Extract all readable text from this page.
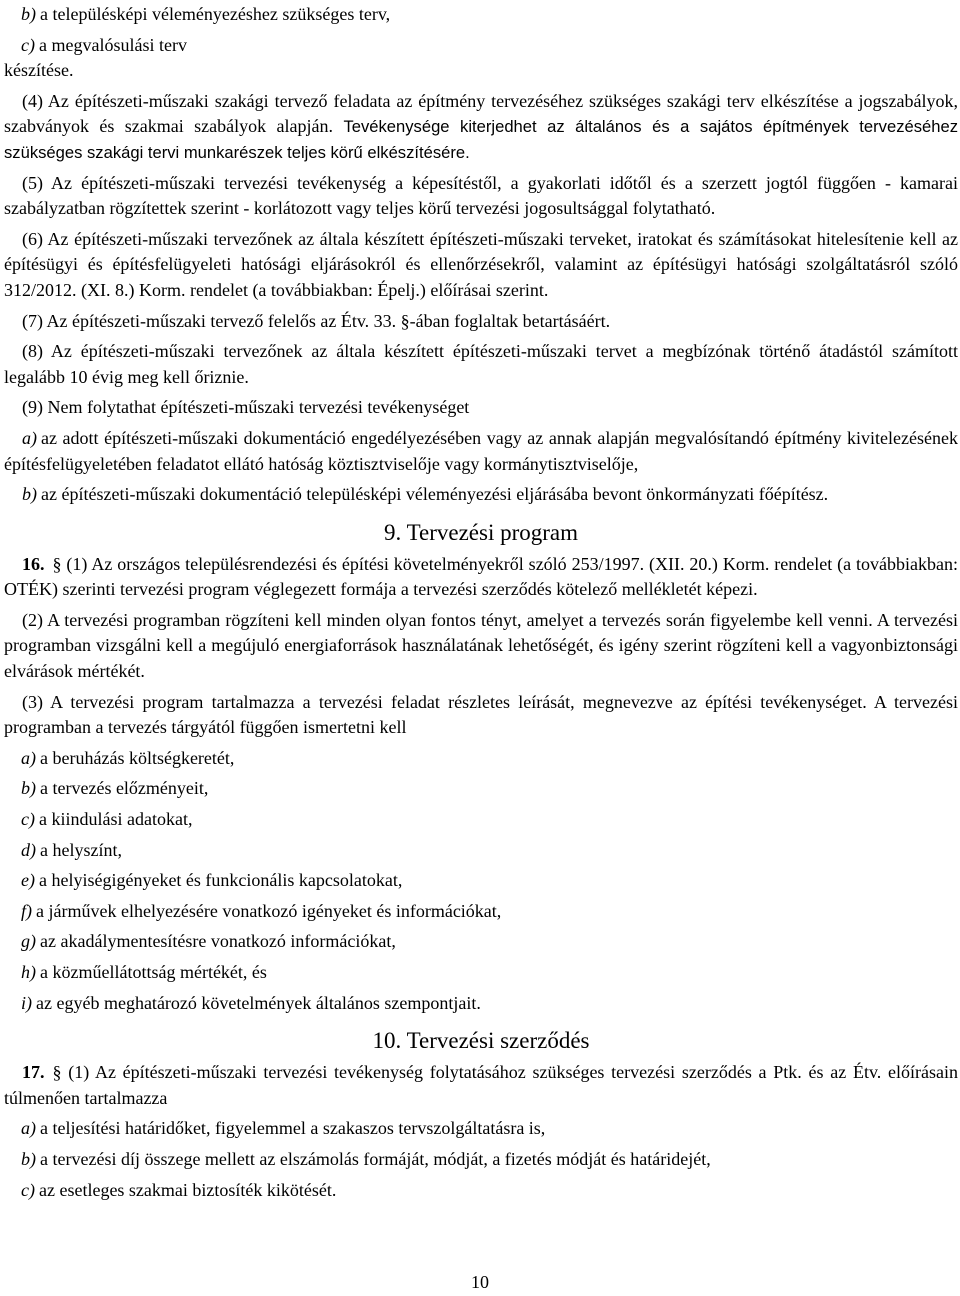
b) a településképi véleményezéshez szükséges terv,

c) a megvalósulási terv

készítése.

(4) Az építészeti-műszaki szakági tervező feladata az építmény tervezéséhez szükséges szakági terv elkészítése a jogszabályok, szabványok és szakmai szabályok alapján. Tevékenysége kiterjedhet az általános és a sajátos építmények tervezéséhez szükséges szakági tervi munkarészek teljes körű elkészítésére.

(5) Az építészeti-műszaki tervezési tevékenység a képesítéstől, a gyakorlati időtől és a szerzett jogtól függően - kamarai szabályzatban rögzítettek szerint - korlátozott vagy teljes körű tervezési jogosultsággal folytatható.

(6) Az építészeti-műszaki tervezőnek az általa készített építészeti-műszaki terveket, iratokat és számításokat hitelesítenie kell az építésügyi és építésfelügyeleti hatósági eljárásokról és ellenőrzésekről, valamint az építésügyi hatósági szolgáltatásról szóló 312/2012. (XI. 8.) Korm. rendelet (a továbbiakban: Épelj.) előírásai szerint.

(7) Az építészeti-műszaki tervező felelős az Étv. 33. §-ában foglaltak betartásáért.

(8) Az építészeti-műszaki tervezőnek az általa készített építészeti-műszaki tervet a megbízónak történő átadástól számított legalább 10 évig meg kell őriznie.

(9) Nem folytathat építészeti-műszaki tervezési tevékenységet

a) az adott építészeti-műszaki dokumentáció engedélyezésében vagy az annak alapján megvalósítandó építmény kivitelezésének építésfelügyeletében feladatot ellátó hatóság köztisztviselője vagy kormánytisztviselője,

b) az építészeti-műszaki dokumentáció településképi véleményezési eljárásába bevont önkormányzati főépítész.

9. Tervezési program

16. § (1) Az országos településrendezési és építési követelményekről szóló 253/1997. (XII. 20.) Korm. rendelet (a továbbiakban: OTÉK) szerinti tervezési program véglegezett formája a tervezési szerződés kötelező mellékletét képezi.

(2) A tervezési programban rögzíteni kell minden olyan fontos tényt, amelyet a tervezés során figyelembe kell venni. A tervezési programban vizsgálni kell a megújuló energiaforrások használatának lehetőségét, és igény szerint rögzíteni kell a vagyonbiztonsági elvárások mértékét.

(3) A tervezési program tartalmazza a tervezési feladat részletes leírását, megnevezve az építési tevékenységet. A tervezési programban a tervezés tárgyától függően ismertetni kell

a) a beruházás költségkeretét,

b) a tervezés előzményeit,

c) a kiindulási adatokat,

d) a helyszínt,

e) a helyiségigényeket és funkcionális kapcsolatokat,

f) a járművek elhelyezésére vonatkozó igényeket és információkat,

g) az akadálymentesítésre vonatkozó információkat,

h) a közműellátottság mértékét, és

i) az egyéb meghatározó követelmények általános szempontjait.

10. Tervezési szerződés

17. § (1) Az építészeti-műszaki tervezési tevékenység folytatásához szükséges tervezési szerződés a Ptk. és az Étv. előírásain túlmenően tartalmazza

a) a teljesítési határidőket, figyelemmel a szakaszos tervszolgáltatásra is,

b) a tervezési díj összege mellett az elszámolás formáját, módját, a fizetés módját és határidejét,

c) az esetleges szakmai biztosíték kikötését.

10
